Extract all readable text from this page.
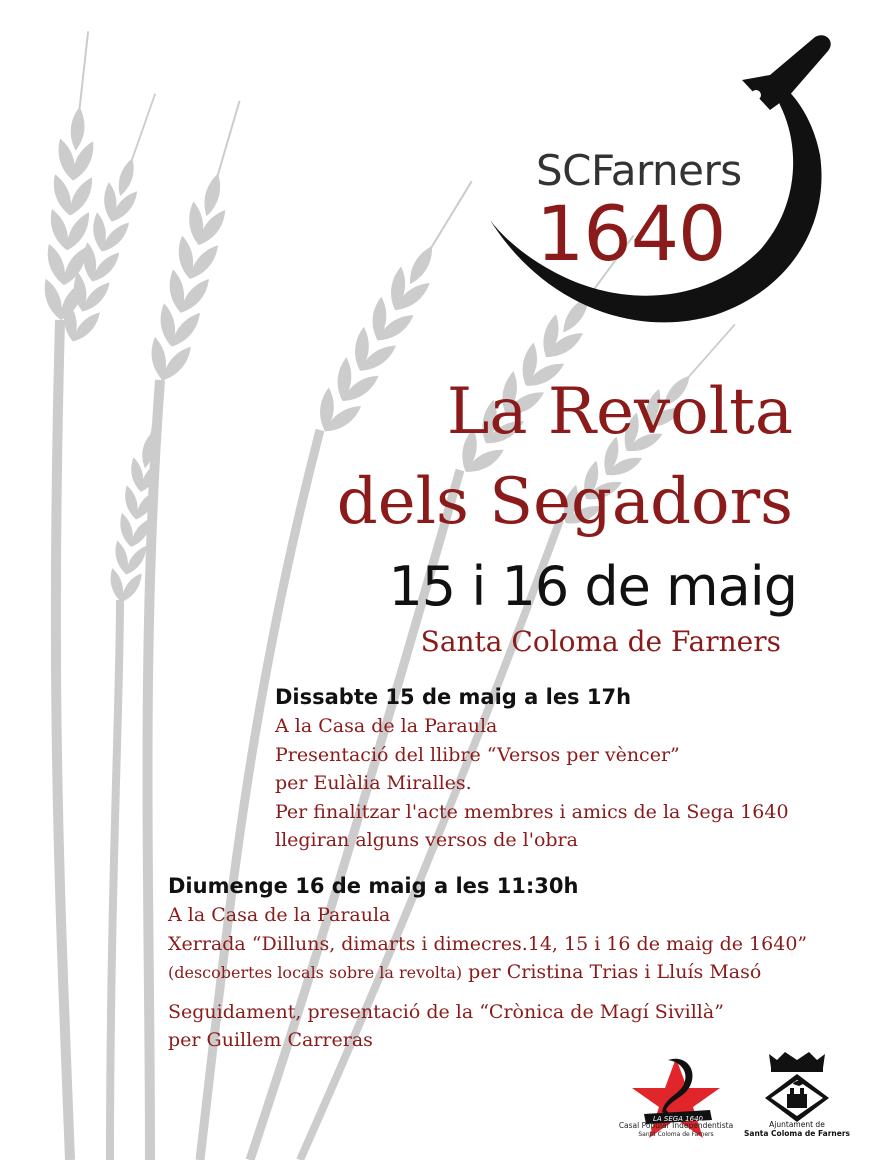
SCFarners
1640
La Revolta
dels Segadors
15 i 16 de maig
Santa Coloma de Farners
Dissabte 15 de maig a les 17h
A la Casa de la Paraula
Presentació del llibre “Versos per vèncer”
per Eulàlia Miralles.
Per finalitzar l'acte membres i amics de la Sega 1640
llegiran alguns versos de l'obra
Diumenge 16 de maig a les 11:30h
A la Casa de la Paraula
Xerrada “Dilluns, dimarts i dimecres.14, 15 i 16 de maig de 1640”
(descobertes locals sobre la revolta) per Cristina Trias i Lluís Masó
Seguidament, presentació de la “Crònica de Magí Sivillà”
per Guillem Carreras
LA SEGA 1640
Casal Popular Independentista
Santa Coloma de Farners
Ajuntament de
Santa Coloma de Farners
